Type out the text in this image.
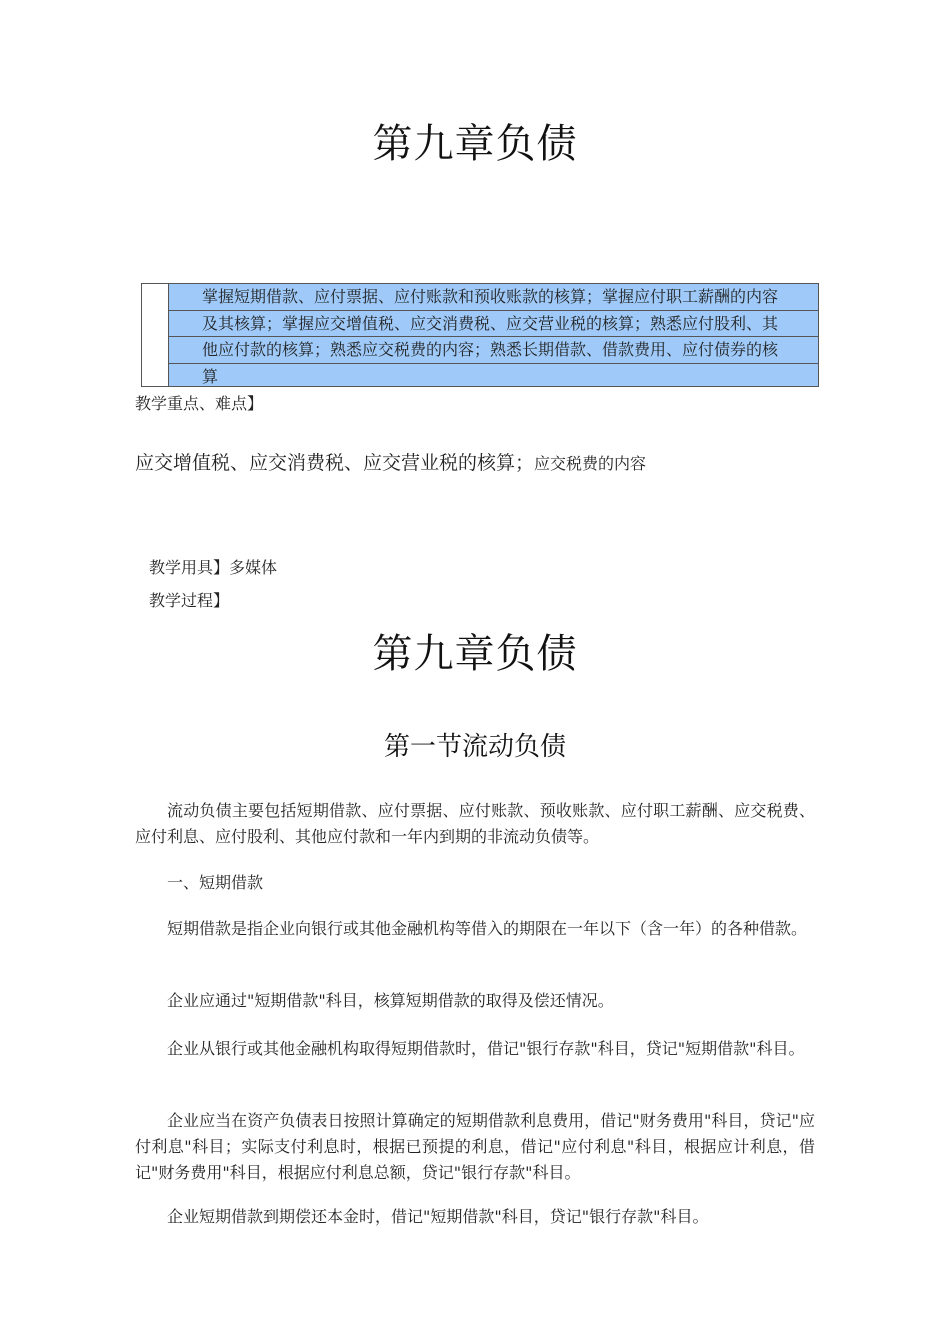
第九章负债
掌握短期借款、应付票据、应付账款和预收账款的核算；掌握应付职工薪酬的内容
及其核算；掌握应交增值税、应交消费税、应交营业税的核算；熟悉应付股利、其
他应付款的核算；熟悉应交税费的内容；熟悉长期借款、借款费用、应付债券的核
算
教学重点、难点】
应交增值税、应交消费税、应交营业税的核算；应交税费的内容
教学用具】多媒体
教学过程】
第九章负债
第一节流动负债
流动负债主要包括短期借款、应付票据、应付账款、预收账款、应付职工薪酬、应交税费、应付利息、应付股利、其他应付款和一年内到期的非流动负债等。
一、短期借款
短期借款是指企业向银行或其他金融机构等借入的期限在一年以下（含一年）的各种借款。
企业应通过"短期借款"科目，核算短期借款的取得及偿还情况。
企业从银行或其他金融机构取得短期借款时，借记"银行存款"科目，贷记"短期借款"科目。
企业应当在资产负债表日按照计算确定的短期借款利息费用，借记"财务费用"科目，贷记"应付利息"科目；实际支付利息时，根据已预提的利息，借记"应付利息"科目，根据应计利息，借记"财务费用"科目，根据应付利息总额，贷记"银行存款"科目。
企业短期借款到期偿还本金时，借记"短期借款"科目，贷记"银行存款"科目。
